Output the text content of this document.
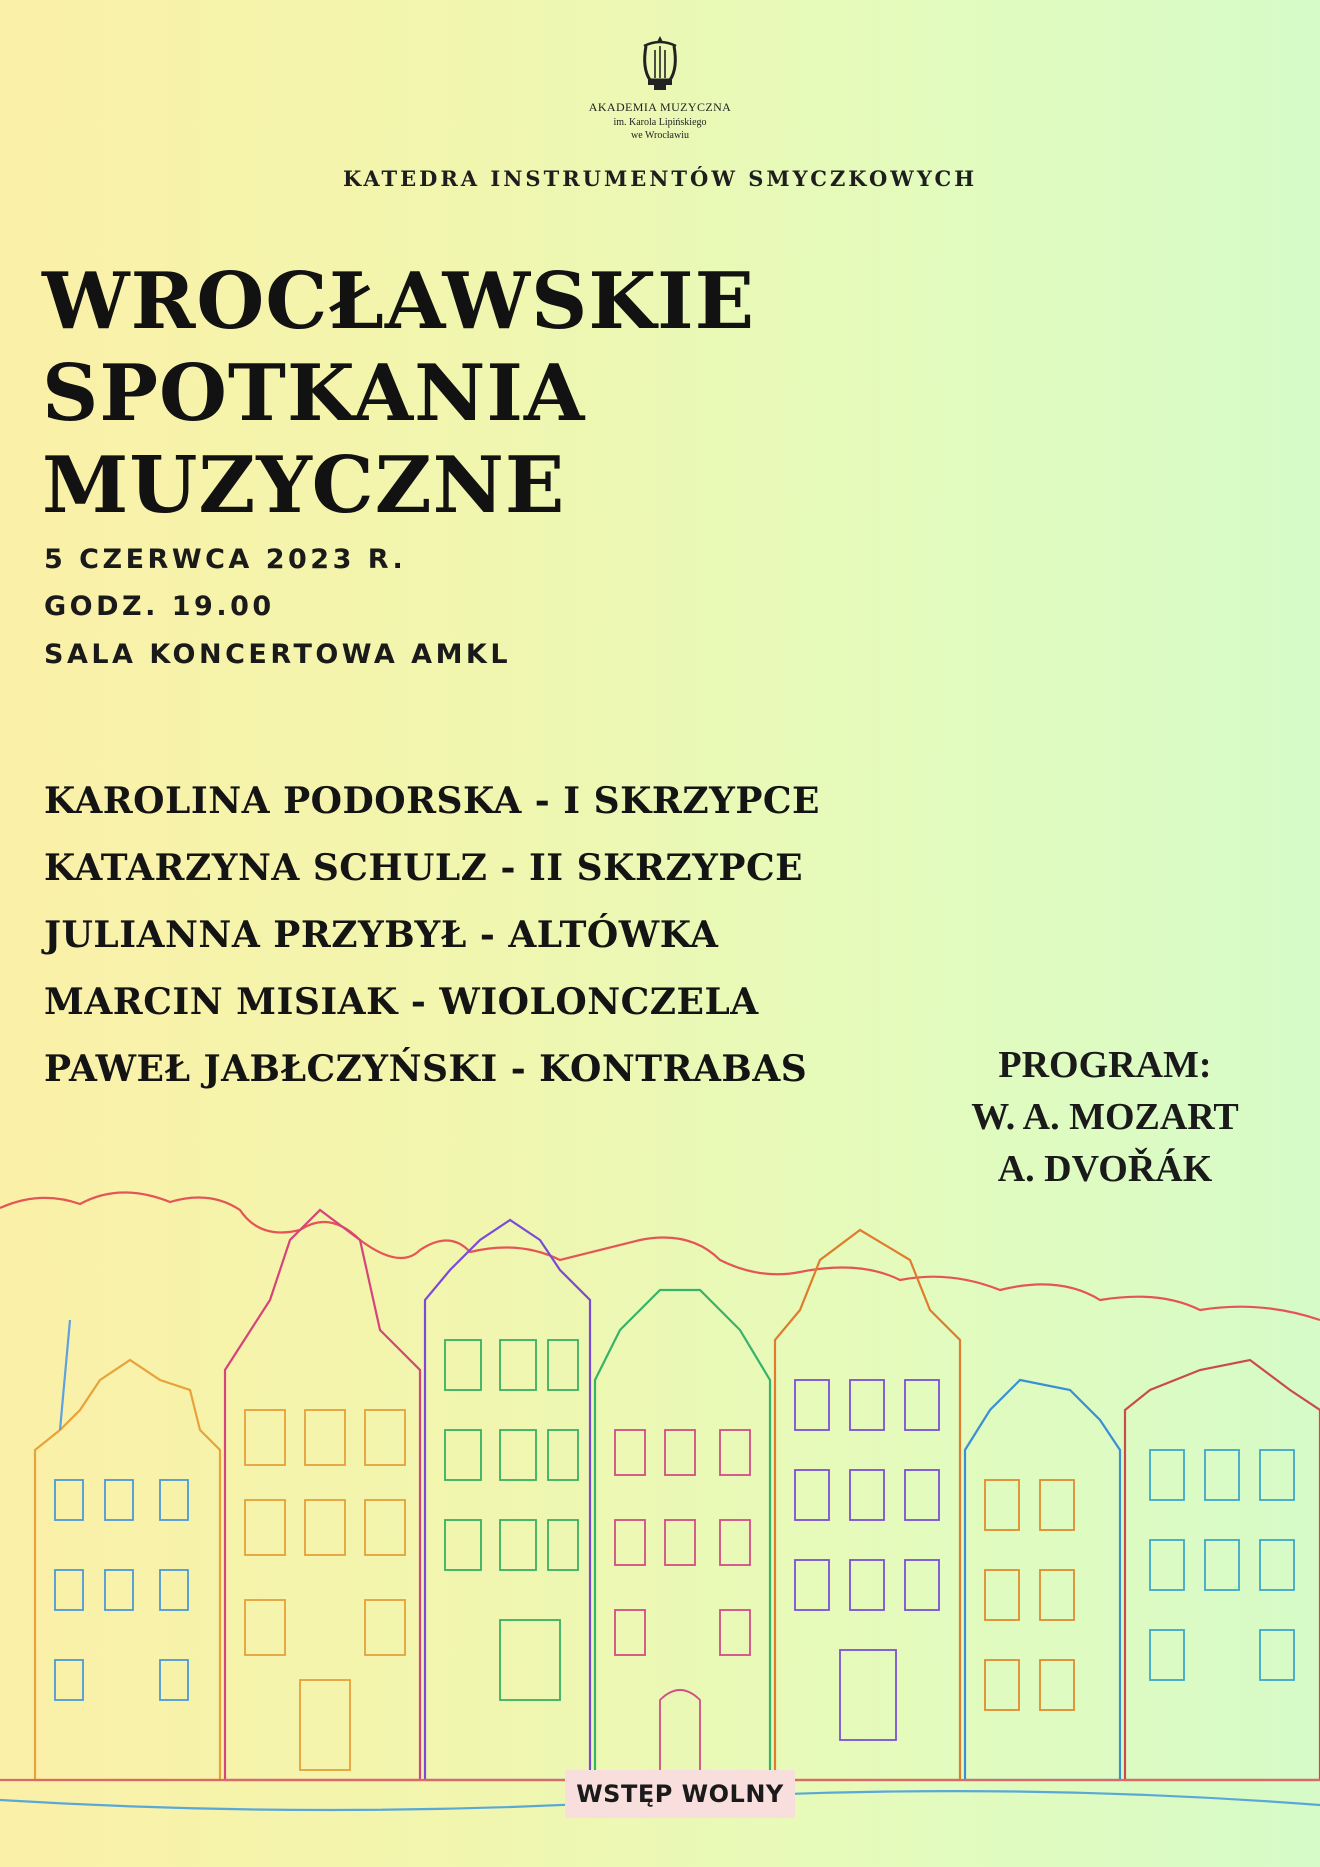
AKADEMIA MUZYCZNA
im. Karola Lipińskiego
we Wrocławiu
KATEDRA INSTRUMENTÓW SMYCZKOWYCH
WROCŁAWSKIE
SPOTKANIA
MUZYCZNE
5 CZERWCA 2023 R.
GODZ. 19.00
SALA KONCERTOWA AMKL
KAROLINA PODORSKA - I SKRZYPCE
KATARZYNA SCHULZ - II SKRZYPCE
JULIANNA PRZYBYŁ - ALTÓWKA
MARCIN MISIAK - WIOLONCZELA
PAWEŁ JABŁCZYŃSKI - KONTRABAS	PROGRAM:
W. A. MOZART
A. DVOŘÁK
WSTĘP WOLNY
